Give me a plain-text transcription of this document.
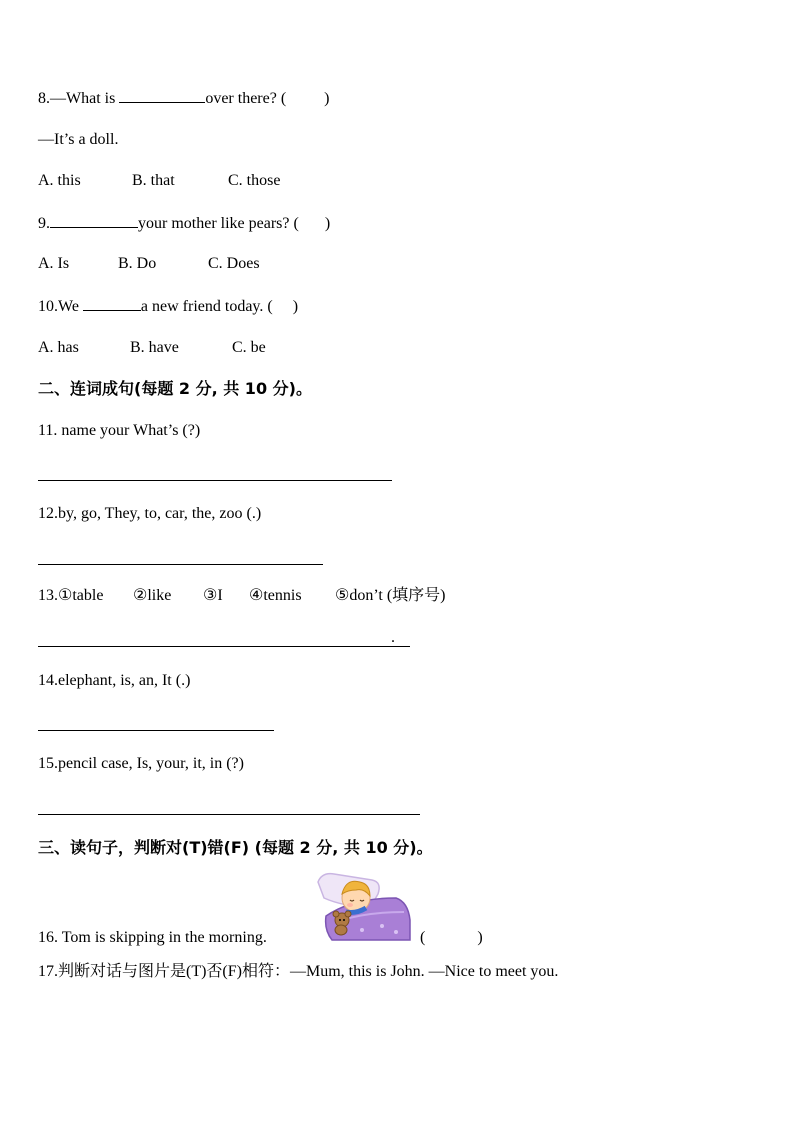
8.—What is	over there? ( )
—It’s a doll.
A. this	B. that	C. those
9.	your mother like pears? ( )
A. Is	B. Do	C. Does
10.We	a new friend today. ( )
A. has	B. have	C. be
二、连词成句(每题 2 分, 共 10 分)。
11. name your What’s (?)
12.by, go, They, to, car, the, zoo (.)
13.①table ②like ③I ④tennis ⑤don’t (填序号)
.
14.elephant, is, an, It (.)
15.pencil case, Is, your, it, in (?)
三、读句子，判断对(T)错(F) (每题 2 分, 共 10 分)。
16. Tom is skipping in the morning.	(	)
17.判断对话与图片是(T)否(F)相符：—Mum, this is John. —Nice to meet you.
